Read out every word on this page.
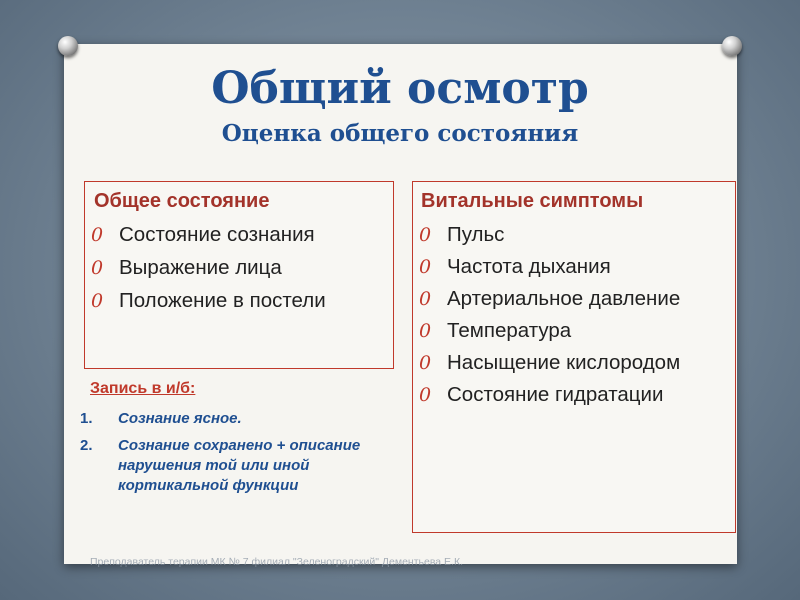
Общий осмотр
Оценка общего состояния

Общее состояние

0 Состояние сознания
0 Выражение лица
0 Положение в постели

Витальные симптомы

0 Пульс
0 Частота дыхания
0 Артериальное давление
0 Температура
0 Насыщение кислородом
0 Состояние гидратации

Запись в и/б:

1. Сознание ясное.
2. Сознание сохранено + описание нарушения той или иной кортикальной функции

Преподаватель терапии МК № 7 филиал "Зеленоградский" Дементьева Е.К.
